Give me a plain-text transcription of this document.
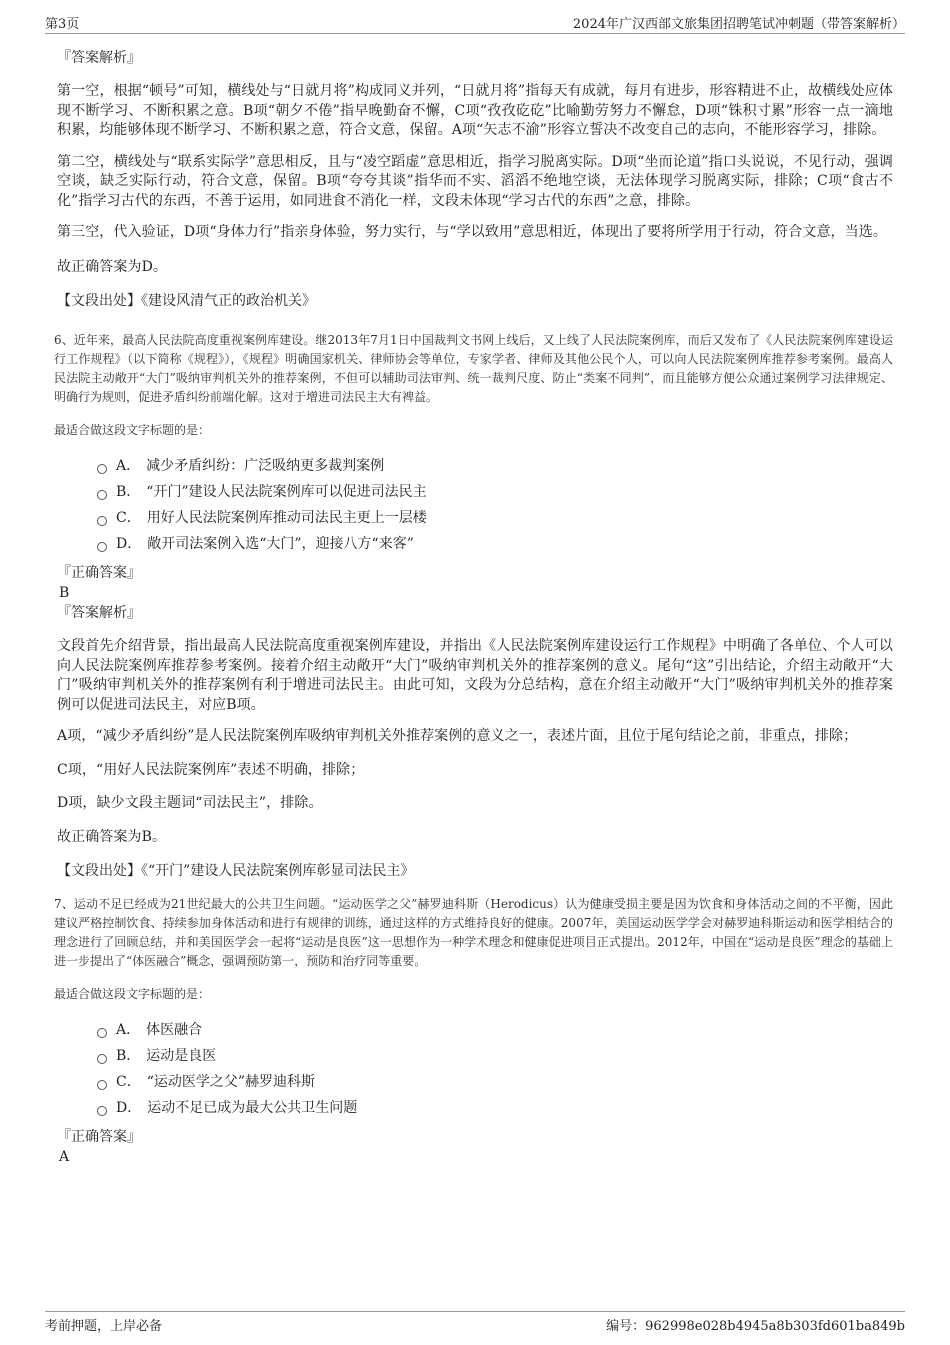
第3页	2024年广汉西部文旅集团招聘笔试冲刺题（带答案解析）

『答案解析』

第一空，根据“顿号”可知，横线处与“日就月将”构成同义并列，“日就月将”指每天有成就，每月有进步，形容精进不止，故横线处应体现不断学习、不断积累之意。B项“朝夕不倦”指早晚勤奋不懈，C项“孜孜矻矻”比喻勤劳努力不懈怠，D项“铢积寸累”形容一点一滴地积累，均能够体现不断学习、不断积累之意，符合文意，保留。A项“矢志不渝”形容立誓决不改变自己的志向，不能形容学习，排除。

第二空，横线处与“联系实际学”意思相反，且与“凌空蹈虚”意思相近，指学习脱离实际。D项“坐而论道”指口头说说，不见行动，强调空谈，缺乏实际行动，符合文意，保留。B项“夸夸其谈”指华而不实、滔滔不绝地空谈，无法体现学习脱离实际，排除；C项“食古不化”指学习古代的东西，不善于运用，如同进食不消化一样，文段未体现“学习古代的东西”之意，排除。

第三空，代入验证，D项“身体力行”指亲身体验，努力实行，与“学以致用”意思相近，体现出了要将所学用于行动，符合文意，当选。

故正确答案为D。

【文段出处】《建设风清气正的政治机关》

6、近年来，最高人民法院高度重视案例库建设。继2013年7月1日中国裁判文书网上线后，又上线了人民法院案例库，而后又发布了《人民法院案例库建设运行工作规程》（以下简称《规程》），《规程》明确国家机关、律师协会等单位，专家学者、律师及其他公民个人，可以向人民法院案例库推荐参考案例。最高人民法院主动敞开“大门”吸纳审判机关外的推荐案例，不但可以辅助司法审判、统一裁判尺度、防止“类案不同判”，而且能够方便公众通过案例学习法律规定、明确行为规则，促进矛盾纠纷前端化解。这对于增进司法民主大有裨益。

最适合做这段文字标题的是：

A． 减少矛盾纠纷：广泛吸纳更多裁判案例
B． “开门”建设人民法院案例库可以促进司法民主
C． 用好人民法院案例库推动司法民主更上一层楼
D． 敞开司法案例入选“大门”，迎接八方“来客”

『正确答案』

B

『答案解析』

文段首先介绍背景，指出最高人民法院高度重视案例库建设，并指出《人民法院案例库建设运行工作规程》中明确了各单位、个人可以向人民法院案例库推荐参考案例。接着介绍主动敞开“大门”吸纳审判机关外的推荐案例的意义。尾句“这”引出结论，介绍主动敞开“大门”吸纳审判机关外的推荐案例有利于增进司法民主。由此可知，文段为分总结构，意在介绍主动敞开“大门”吸纳审判机关外的推荐案例可以促进司法民主，对应B项。

A项，“减少矛盾纠纷”是人民法院案例库吸纳审判机关外推荐案例的意义之一，表述片面，且位于尾句结论之前，非重点，排除；

C项，“用好人民法院案例库”表述不明确，排除；

D项，缺少文段主题词“司法民主”，排除。

故正确答案为B。

【文段出处】《“开门”建设人民法院案例库彰显司法民主》

7、运动不足已经成为21世纪最大的公共卫生问题。“运动医学之父”赫罗迪科斯（Herodicus）认为健康受损主要是因为饮食和身体活动之间的不平衡，因此建议严格控制饮食、持续参加身体活动和进行有规律的训练，通过这样的方式维持良好的健康。2007年，美国运动医学学会对赫罗迪科斯运动和医学相结合的理念进行了回顾总结，并和美国医学会一起将“运动是良医”这一思想作为一种学术理念和健康促进项目正式提出。2012年，中国在“运动是良医”理念的基础上进一步提出了“体医融合”概念，强调预防第一，预防和治疗同等重要。

最适合做这段文字标题的是：

A． 体医融合
B． 运动是良医
C． “运动医学之父”赫罗迪科斯
D． 运动不足已成为最大公共卫生问题

『正确答案』

A

考前押题，上岸必备	编号：962998e028b4945a8b303fd601ba849b
